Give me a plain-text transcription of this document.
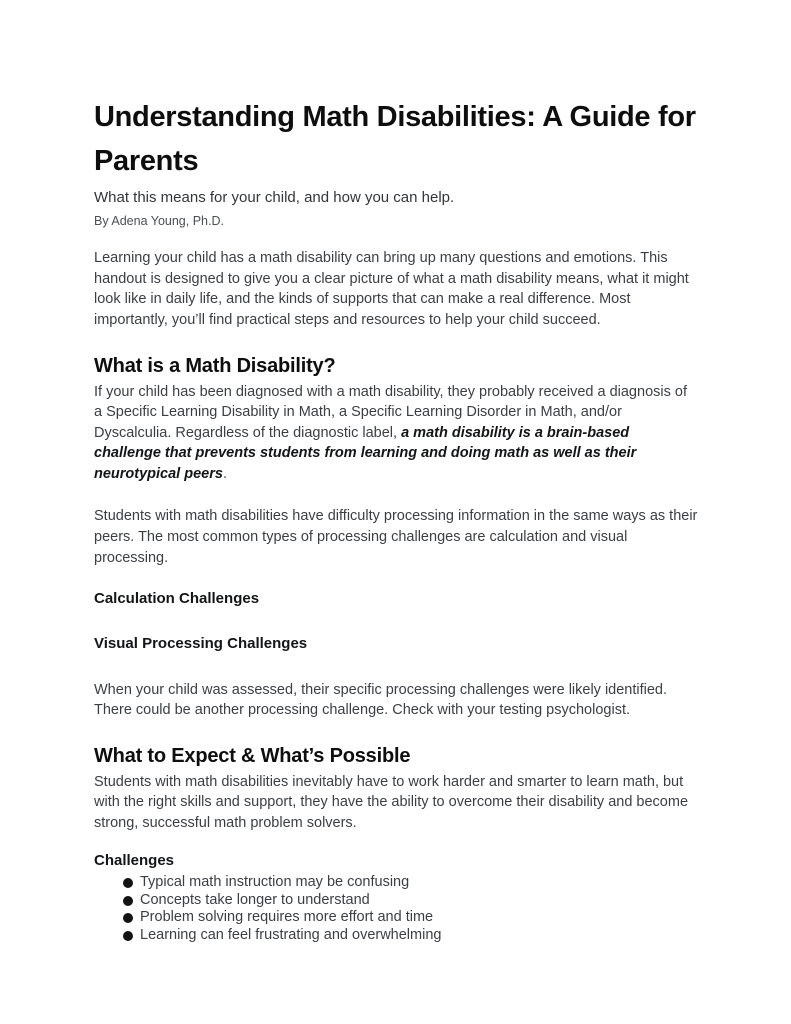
Understanding Math Disabilities: A Guide for Parents

What this means for your child, and how you can help.

By Adena Young, Ph.D.

Learning your child has a math disability can bring up many questions and emotions. This handout is designed to give you a clear picture of what a math disability means, what it might look like in daily life, and the kinds of supports that can make a real difference. Most importantly, you’ll find practical steps and resources to help your child succeed.

What is a Math Disability?

If your child has been diagnosed with a math disability, they probably received a diagnosis of a Specific Learning Disability in Math, a Specific Learning Disorder in Math, and/or Dyscalculia. Regardless of the diagnostic label, a math disability is a brain-based challenge that prevents students from learning and doing math as well as their neurotypical peers.

Students with math disabilities have difficulty processing information in the same ways as their peers. The most common types of processing challenges are calculation and visual processing.

Calculation Challenges
Visual Processing Challenges

When your child was assessed, their specific processing challenges were likely identified. There could be another processing challenge. Check with your testing psychologist.

What to Expect & What’s Possible

Students with math disabilities inevitably have to work harder and smarter to learn math, but with the right skills and support, they have the ability to overcome their disability and become strong, successful math problem solvers.

Challenges
Typical math instruction may be confusing
Concepts take longer to understand
Problem solving requires more effort and time
Learning can feel frustrating and overwhelming
